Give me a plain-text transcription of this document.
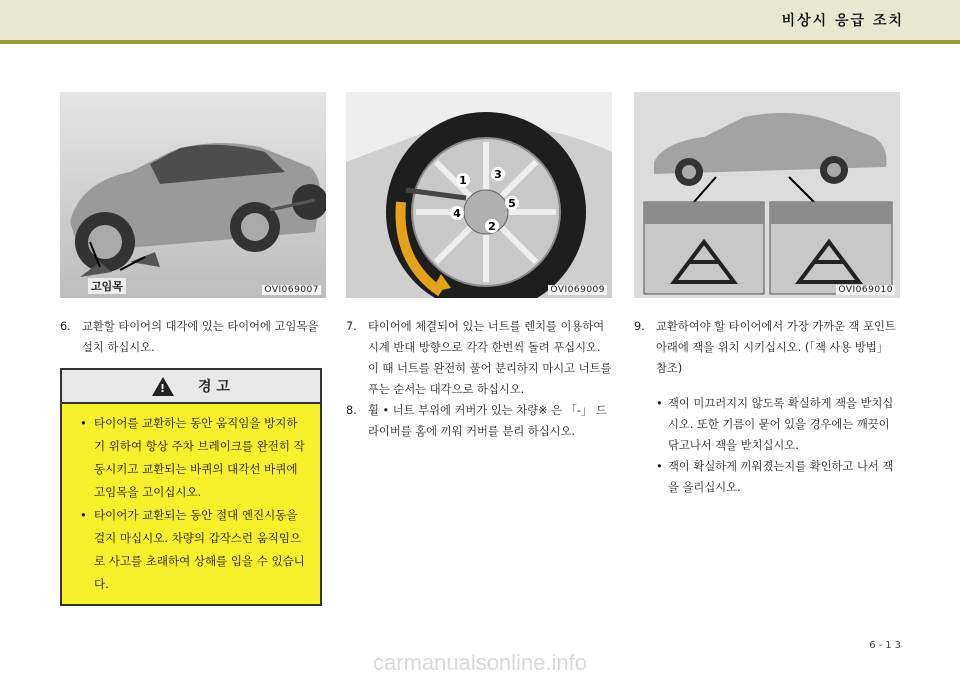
비상시 응급 조치
고임목	OVI069007
1
2
3
4
5
OVI069009	OVI069010
6. 교환할 타이어의 대각에 있는 타이어에 고임목을 설치 하십시오.
!
경 고
• 타이어를 교환하는 동안 움직임을 방지하기 위하여 항상 주차 브레이크를 완전히 작동시키고 교환되는 바퀴의 대각선 바퀴에 고임목을 고이십시오.
• 타이어가 교환되는 동안 절대 엔진시동을 걸지 마십시오. 차량의 갑작스런 움직임으로 사고를 초래하여 상해를 입을 수 있습니다.
7. 타이어에 체결되어 있는 너트를 렌치를 이용하여 시계 반대 방향으로 각각 한번씩 돌려 푸십시오. 이 때 너트를 완전히 풀어 분리하지 마시고 너트를 푸는 순서는 대각으로 하십시오.
8. 휠 • 너트 부위에 커버가 있는 차량※ 은 「-」 드라이버를 홈에 끼워 커버를 분리 하십시오.
9. 교환하여야 할 타이어에서 가장 가까운 잭 포인트 아래에 잭을 위치 시키십시오. (「잭 사용 방법」 참조)
• 잭이 미끄러지지 않도록 확실하게 잭을 받치십시오. 또한 기름이 묻어 있을 경우에는 깨끗이 닦고나서 잭을 받치십시오.
• 잭이 확실하게 끼워졌는지를 확인하고 나서 잭을 올리십시오.
6-13
carmanualsonline.info
